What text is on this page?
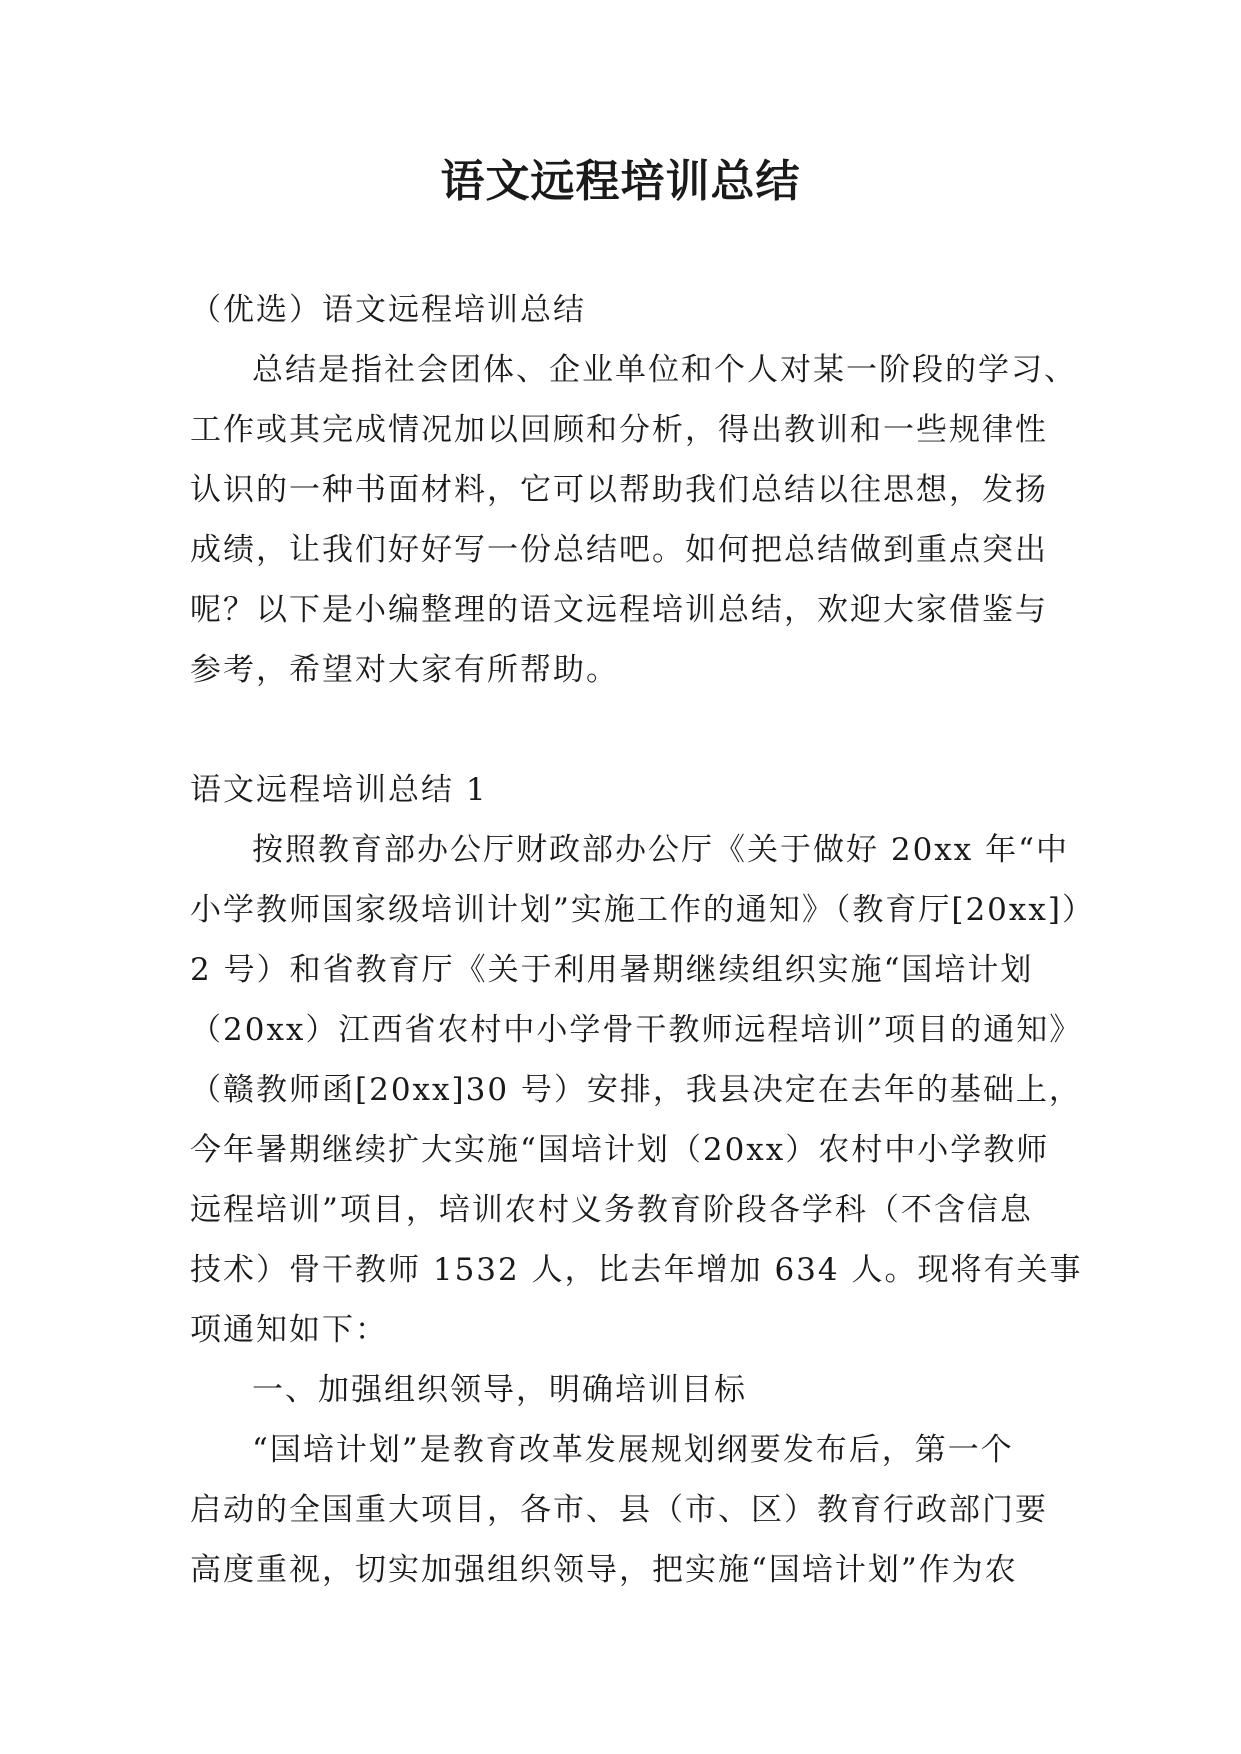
语文远程培训总结
（优选）语文远程培训总结
总结是指社会团体、企业单位和个人对某一阶段的学习、
工作或其完成情况加以回顾和分析，得出教训和一些规律性
认识的一种书面材料，它可以帮助我们总结以往思想，发扬
成绩，让我们好好写一份总结吧。如何把总结做到重点突出
呢？以下是小编整理的语文远程培训总结，欢迎大家借鉴与
参考，希望对大家有所帮助。
语文远程培训总结 1
按照教育部办公厅财政部办公厅《关于做好 20xx 年“中
小学教师国家级培训计划”实施工作的通知》（教育厅[20xx]）
2 号）和省教育厅《关于利用暑期继续组织实施“国培计划
（20xx）江西省农村中小学骨干教师远程培训”项目的通知》
（赣教师函[20xx]30 号）安排，我县决定在去年的基础上，
今年暑期继续扩大实施“国培计划（20xx）农村中小学教师
远程培训”项目，培训农村义务教育阶段各学科（不含信息
技术）骨干教师 1532 人，比去年增加 634 人。现将有关事
项通知如下：
一、加强组织领导，明确培训目标
“国培计划”是教育改革发展规划纲要发布后，第一个
启动的全国重大项目，各市、县（市、区）教育行政部门要
高度重视，切实加强组织领导，把实施“国培计划”作为农
